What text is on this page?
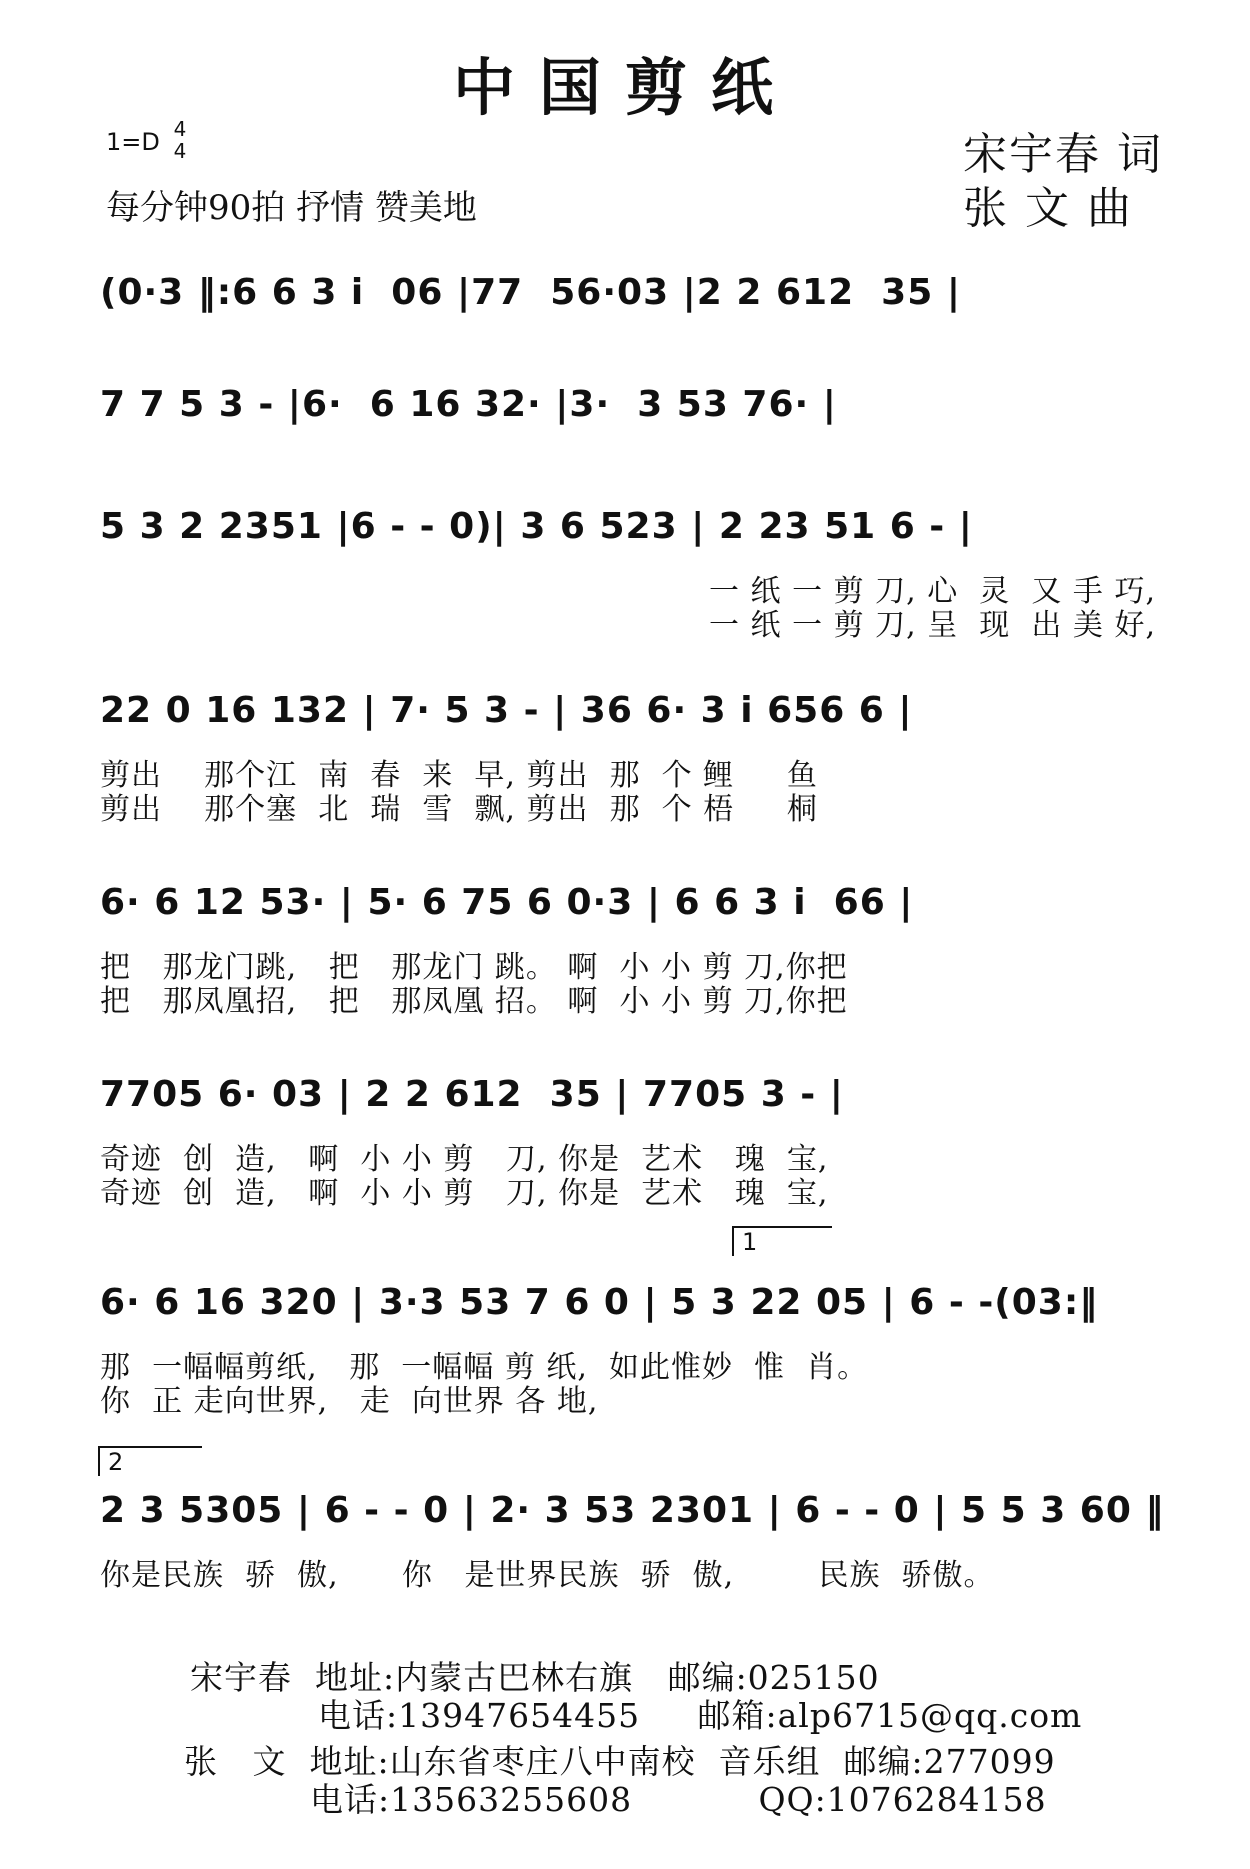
中国剪纸
1=D 4
4
每分钟90拍 抒情 赞美地
宋宇春 词
张 文 曲
(0·3 ‖:6 6 3 i  06 |77  56·03 |2 2 612  35 |
7 7 5 3 - |6·  6 16 32· |3·  3 53 76· |
5 3 2 2351 |6 - - 0)| 3 6 523 | 2 23 51 6 - |
一 纸 一 剪 刀, 心  灵  又 手 巧,
一 纸 一 剪 刀, 呈  现  出 美 好,
22 0 16 132 | 7· 5 3 - | 36 6· 3 i 656 6 |
剪出    那个江  南  春  来  早, 剪出  那  个 鲤     鱼
剪出    那个塞  北  瑞  雪  飘, 剪出  那  个 梧     桐
6· 6 12 53· | 5· 6 75 6 0·3 | 6 6 3 i  66 |
把   那龙门跳,   把   那龙门 跳。 啊  小 小 剪 刀,你把
把   那凤凰招,   把   那凤凰 招。 啊  小 小 剪 刀,你把
7705 6· 03 | 2 2 612  35 | 7705 3 - |
奇迹  创  造,   啊  小 小 剪   刀, 你是  艺术   瑰  宝,
奇迹  创  造,   啊  小 小 剪   刀, 你是  艺术   瑰  宝,
1
6· 6 16 320 | 3·3 53 7 6 0 | 5 3 22 05 | 6 - -(03:‖
那  一幅幅剪纸,   那  一幅幅 剪 纸,  如此惟妙  惟  肖。
你  正 走向世界,   走  向世界 各 地,
2
2 3 5305 | 6 - - 0 | 2· 3 53 2301 | 6 - - 0 | 5 5 3 60 ‖
你是民族  骄  傲,      你   是世界民族  骄  傲,        民族  骄傲。
宋宇春  地址:内蒙古巴林右旗   邮编:025150
电话:13947654455     邮箱:alp6715@qq.com
张   文  地址:山东省枣庄八中南校  音乐组  邮编:277099
电话:13563255608           QQ:1076284158
